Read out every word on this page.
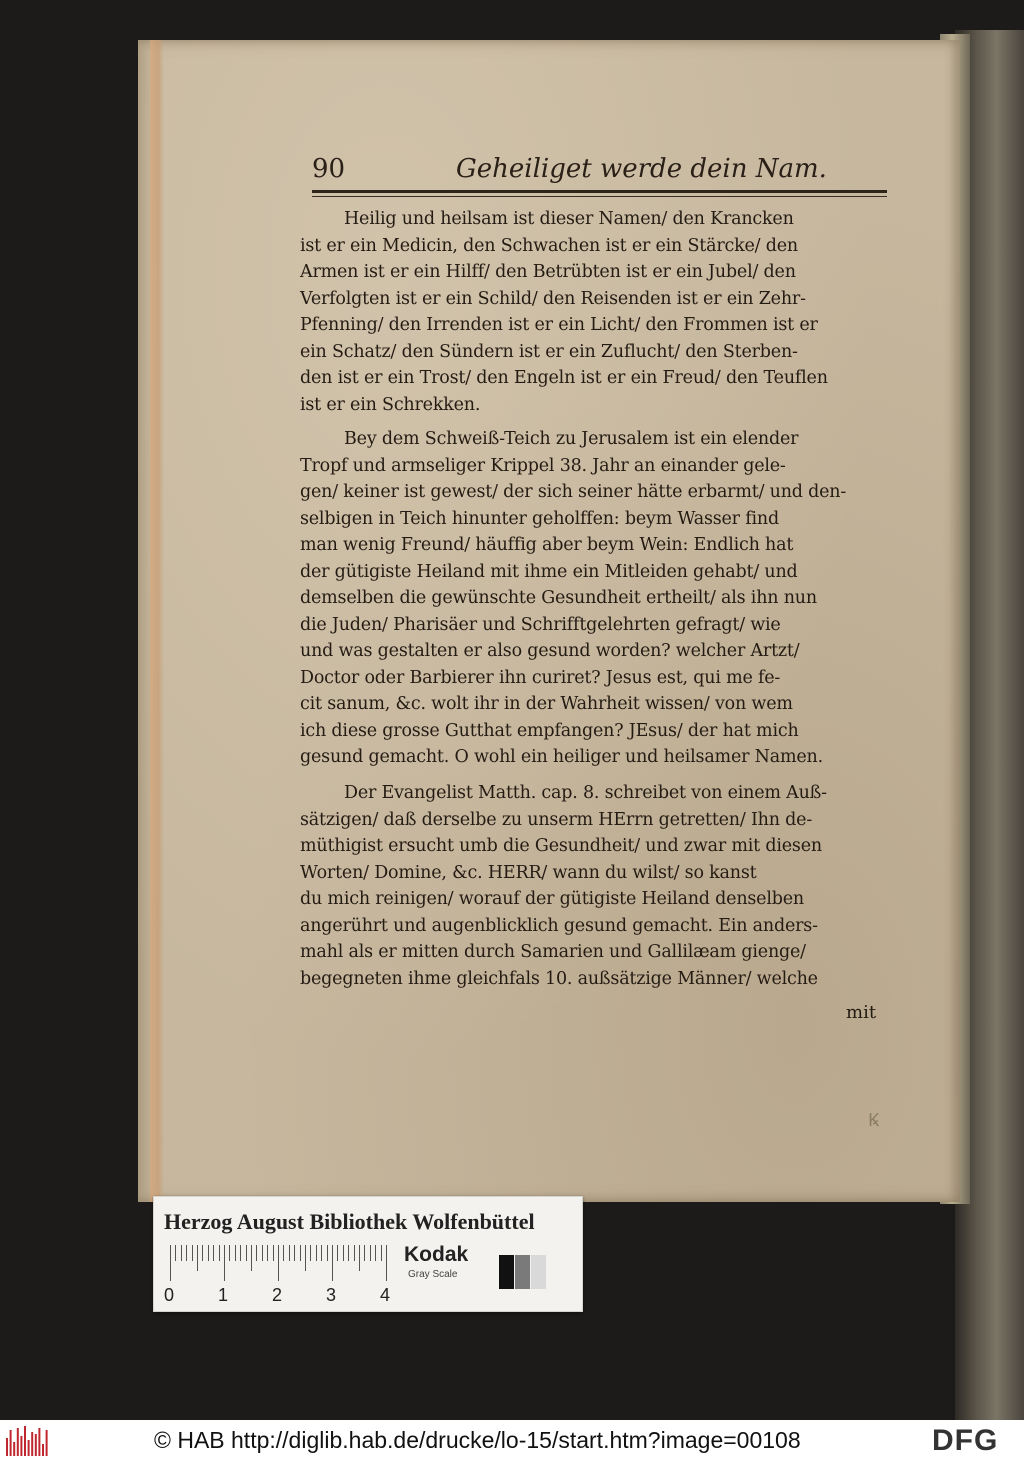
90	Geheiliget werde dein Nam.
Heilig und heilsam ist dieser Namen/ den Krancken
ist er ein Medicin, den Schwachen ist er ein Stärcke/ den
Armen ist er ein Hilff/ den Betrübten ist er ein Jubel/ den
Verfolgten ist er ein Schild/ den Reisenden ist er ein Zehr-
Pfenning/ den Irrenden ist er ein Licht/ den Frommen ist er
ein Schatz/ den Sündern ist er ein Zuflucht/ den Sterben-
den ist er ein Trost/ den Engeln ist er ein Freud/ den Teuflen
ist er ein Schrekken.
Bey dem Schweiß-Teich zu Jerusalem ist ein elender
Tropf und armseliger Krippel 38. Jahr an einander gele-
gen/ keiner ist gewest/ der sich seiner hätte erbarmt/ und den-
selbigen in Teich hinunter geholffen: beym Wasser find
man wenig Freund/ häuffig aber beym Wein: Endlich hat
der gütigiste Heiland mit ihme ein Mitleiden gehabt/ und
demselben die gewünschte Gesundheit ertheilt/ als ihn nun
die Juden/ Pharisäer und Schrifftgelehrten gefragt/ wie
und was gestalten er also gesund worden? welcher Artzt/
Doctor oder Barbierer ihn curiret? Jesus est, qui me fe-
cit sanum, &c. wolt ihr in der Wahrheit wissen/ von wem
ich diese grosse Gutthat empfangen? JEsus/ der hat mich
gesund gemacht. O wohl ein heiliger und heilsamer Namen.
Der Evangelist Matth. cap. 8. schreibet von einem Auß-
sätzigen/ daß derselbe zu unserm HErrn getretten/ Ihn de-
müthigist ersucht umb die Gesundheit/ und zwar mit diesen
Worten/ Domine, &c. HERR/ wann du wilst/ so kanst
du mich reinigen/ worauf der gütigiste Heiland denselben
angerührt und augenblicklich gesund gemacht. Ein anders-
mahl als er mitten durch Samarien und Gallilæam gienge/
begegneten ihme gleichfals 10. außsätzige Männer/ welche
mit
Ꝃ
Herzog August Bibliothek Wolfenbüttel
0 1 2 3 4
Kodak
Gray Scale
© HAB http://diglib.hab.de/drucke/lo-15/start.htm?image=00108	DFG
